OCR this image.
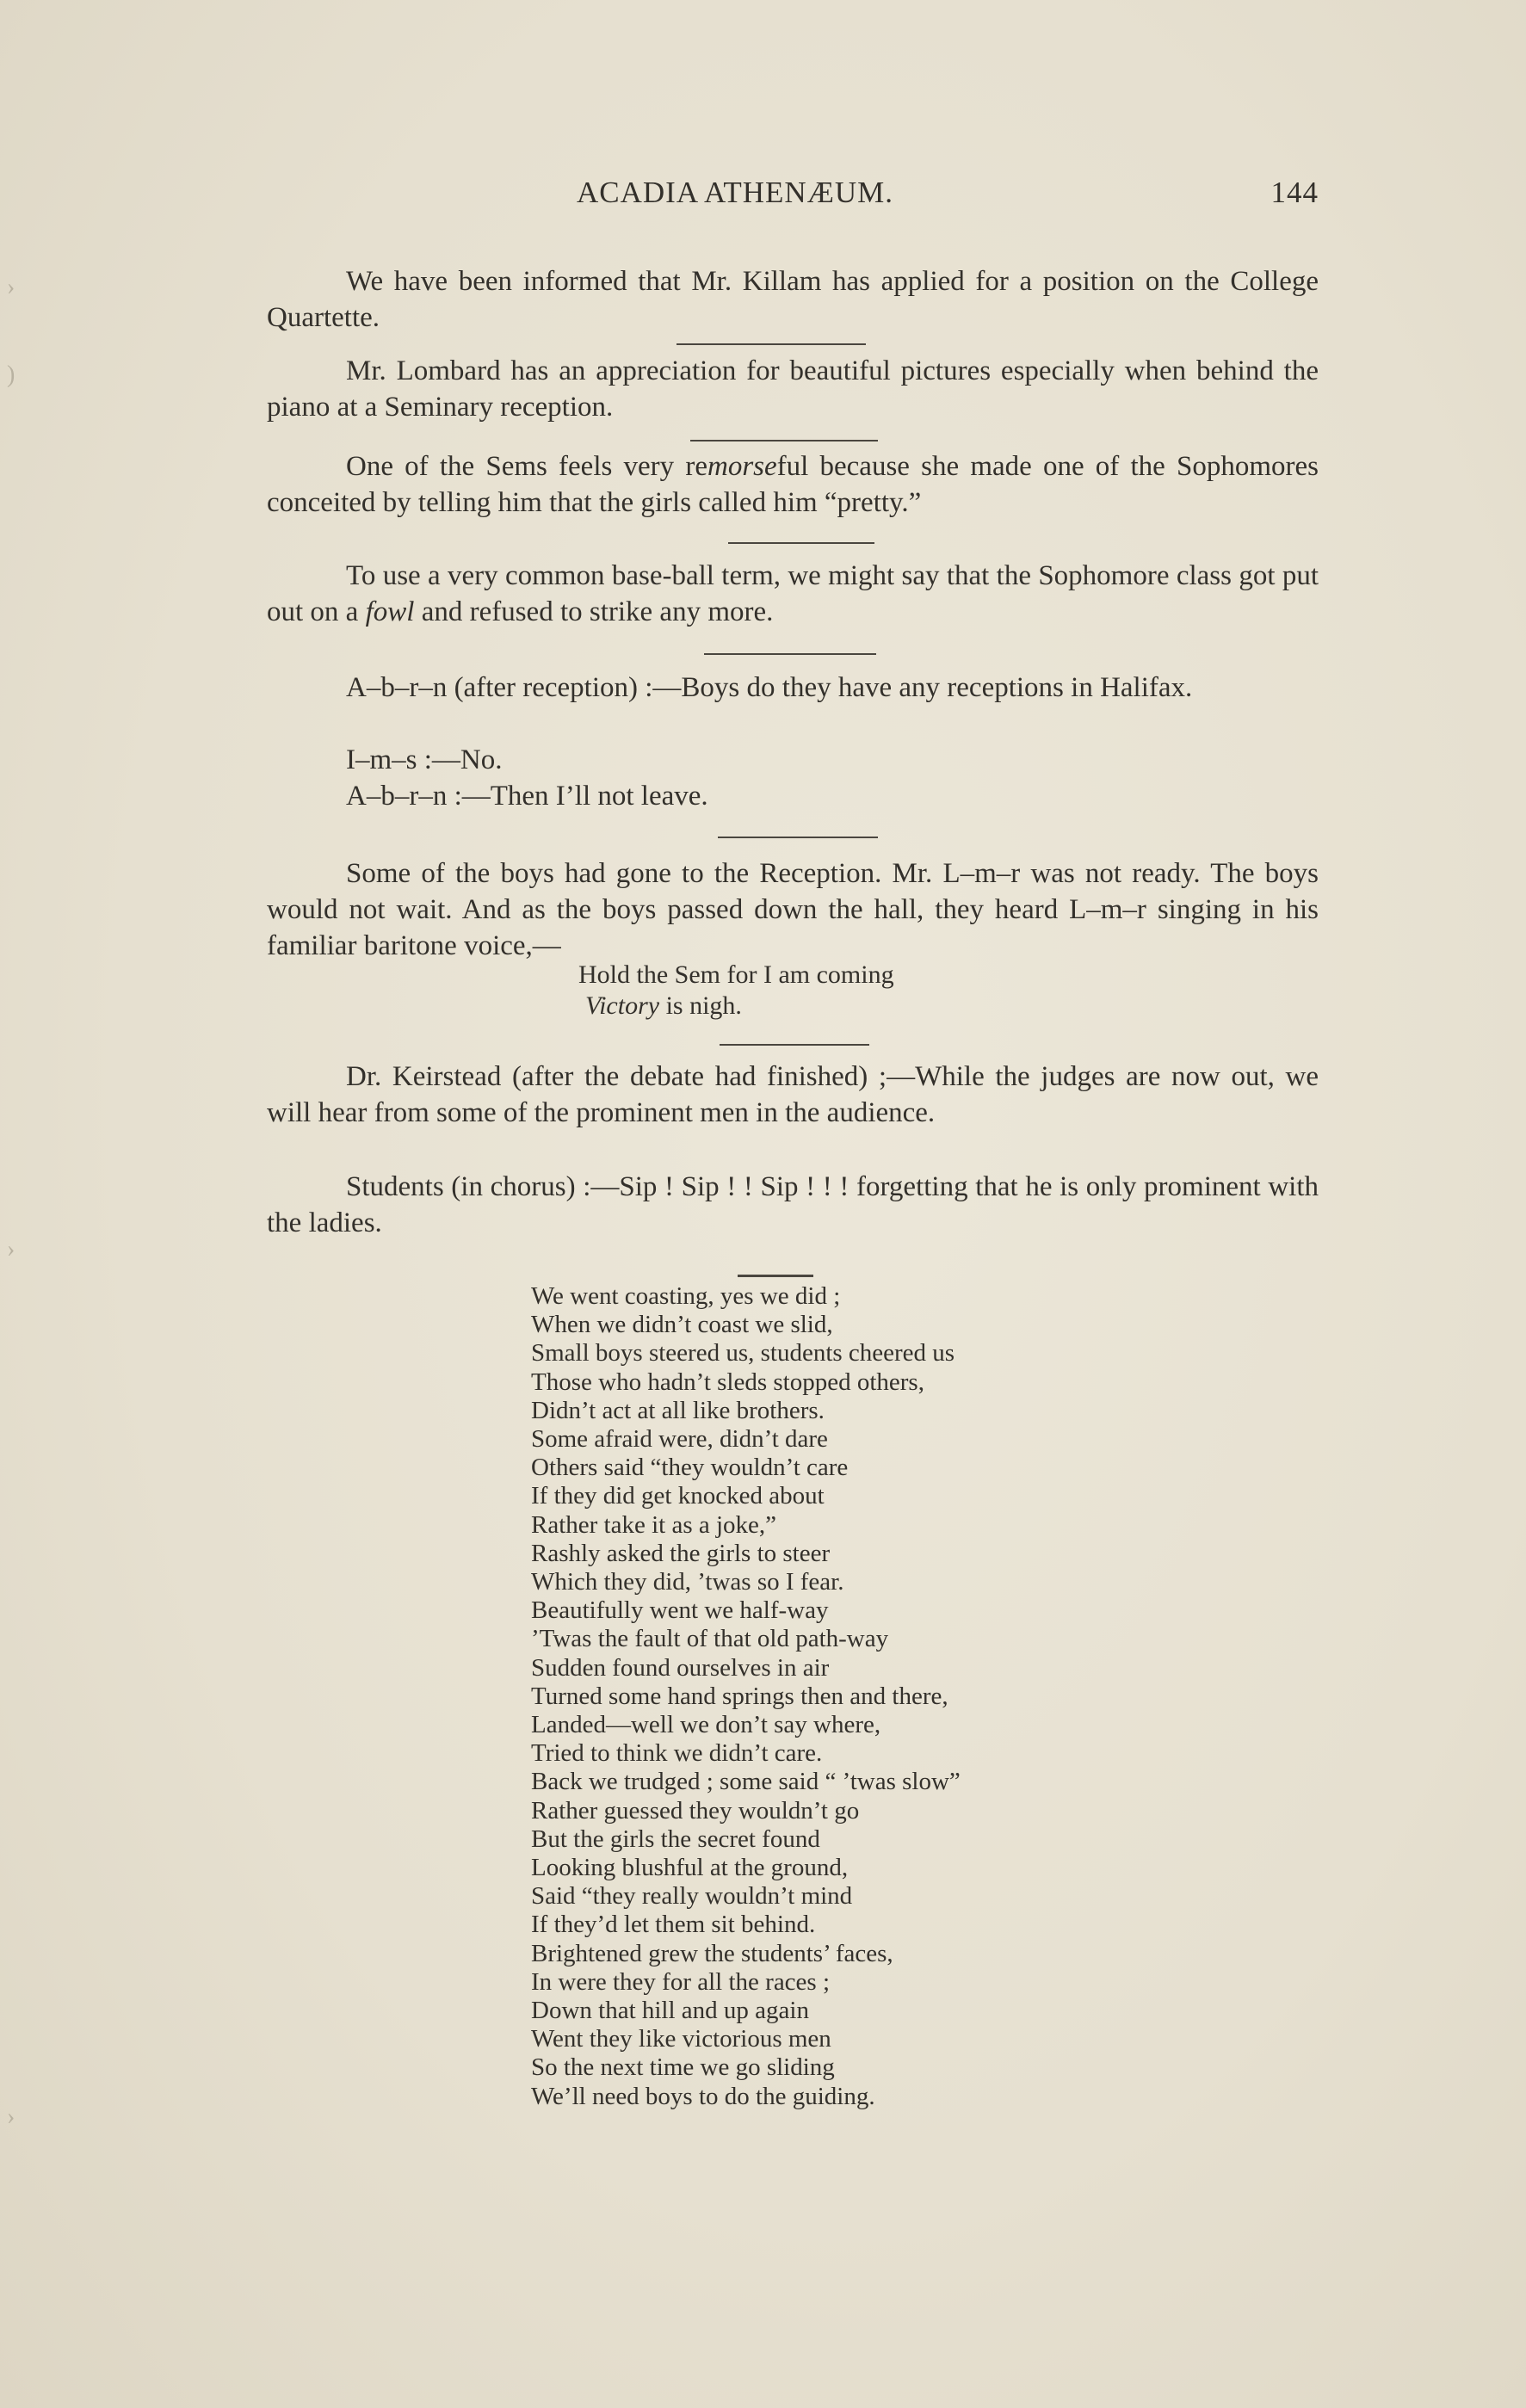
ACADIA ATHENÆUM.	144

We have been informed that Mr. Killam has applied for a position on the College Quartette.

Mr. Lombard has an appreciation for beautiful pictures especially when behind the piano at a Seminary reception.

One of the Sems feels very remorseful because she made one of the Sophomores conceited by telling him that the girls called him “pretty.”

To use a very common base-ball term, we might say that the Sophomore class got put out on a fowl and refused to strike any more.

A–b–r–n (after reception) :—Boys do they have any receptions in Halifax.

I–m–s :—No.
A–b–r–n :—Then I’ll not leave.

Some of the boys had gone to the Reception. Mr. L–m–r was not ready. The boys would not wait. And as the boys passed down the hall, they heard L–m–r singing in his familiar baritone voice,—

Hold the Sem for I am coming
Victory is nigh.

Dr. Keirstead (after the debate had finished) ;—While the judges are now out, we will hear from some of the prominent men in the audience.

Students (in chorus) :—Sip ! Sip ! ! Sip ! ! ! forgetting that he is only prominent with the ladies.

We went coasting, yes we did ;
When we didn’t coast we slid,
Small boys steered us, students cheered us
Those who hadn’t sleds stopped others,
Didn’t act at all like brothers.
Some afraid were, didn’t dare
Others said “they wouldn’t care
If they did get knocked about
Rather take it as a joke,”
Rashly asked the girls to steer
Which they did, ’twas so I fear.
Beautifully went we half-way
’Twas the fault of that old path-way
Sudden found ourselves in air
Turned some hand springs then and there,
Landed—well we don’t say where,
Tried to think we didn’t care.
Back we trudged ; some said “ ’twas slow”
Rather guessed they wouldn’t go
But the girls the secret found
Looking blushful at the ground,
Said “they really wouldn’t mind
If they’d let them sit behind.
Brightened grew the students’ faces,
In were they for all the races ;
Down that hill and up again
Went they like victorious men
So the next time we go sliding
We’ll need boys to do the guiding.
›
)
›
›
